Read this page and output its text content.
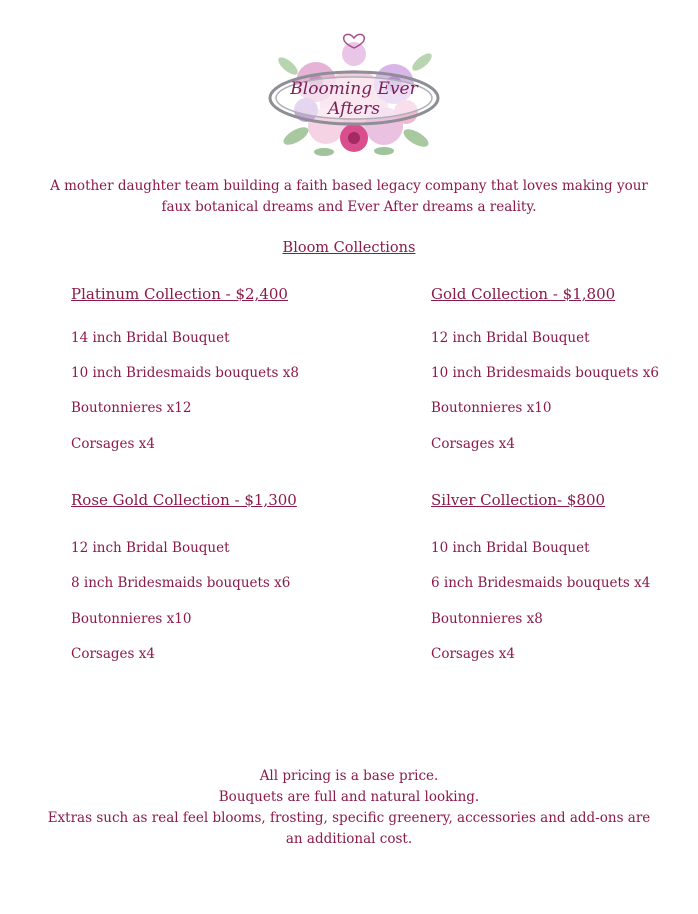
Blooming Ever
Afters
A mother daughter team building a faith based legacy company that loves making your faux botanical dreams and Ever After dreams a reality.
Bloom Collections
Platinum Collection - $2,400
14 inch Bridal Bouquet
10 inch Bridesmaids bouquets x8
Boutonnieres x12
Corsages x4
Gold Collection - $1,800
12 inch Bridal Bouquet
10 inch Bridesmaids bouquets x6
Boutonnieres x10
Corsages x4
Rose Gold Collection - $1,300
12 inch Bridal Bouquet
8 inch Bridesmaids bouquets x6
Boutonnieres x10
Corsages x4
Silver Collection- $800
10 inch Bridal Bouquet
6 inch Bridesmaids bouquets x4
Boutonnieres x8
Corsages x4
All pricing is a base price.
Bouquets are full and natural looking.
Extras such as real feel blooms, frosting, specific greenery, accessories and add-ons are an additional cost.
